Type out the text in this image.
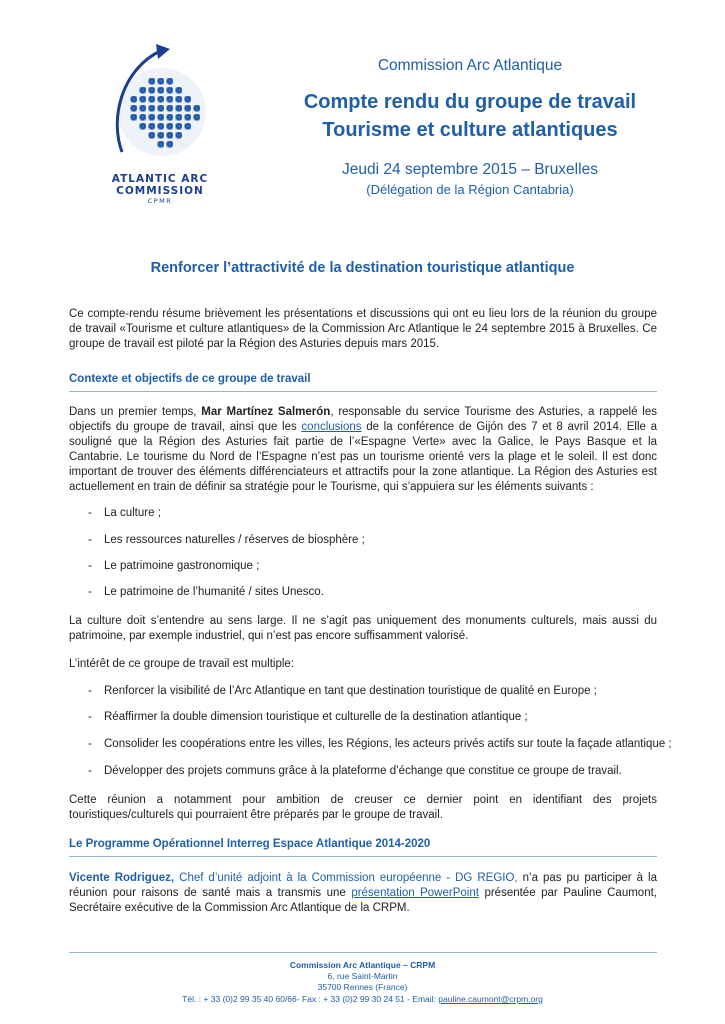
ATLANTIC ARC
COMMISSION
CPMR
Commission Arc Atlantique
Compte rendu du groupe de travail
Tourisme et culture atlantiques
Jeudi 24 septembre 2015 – Bruxelles
(Délégation de la Région Cantabria)
Renforcer l’attractivité de la destination touristique atlantique

Ce compte-rendu résume brièvement les présentations et discussions qui ont eu lieu lors de la réunion du groupe de travail «Tourisme et culture atlantiques» de la Commission Arc Atlantique le 24 septembre 2015 à Bruxelles. Ce groupe de travail est piloté par la Région des Asturies depuis mars 2015.

Contexte et objectifs de ce groupe de travail

Dans un premier temps, Mar Martínez Salmerón, responsable du service Tourisme des Asturies, a rappelé les objectifs du groupe de travail, ainsi que les conclusions de la conférence de Gijón des 7 et 8 avril 2014. Elle a souligné que la Région des Asturies fait partie de l’«Espagne Verte» avec la Galice, le Pays Basque et la Cantabrie. Le tourisme du Nord de l’Espagne n’est pas un tourisme orienté vers la plage et le soleil. Il est donc important de trouver des éléments différenciateurs et attractifs pour la zone atlantique. La Région des Asturies est actuellement en train de définir sa stratégie pour le Tourisme, qui s’appuiera sur les éléments suivants :

- La culture ;
- Les ressources naturelles / réserves de biosphère ;
- Le patrimoine gastronomique ;
- Le patrimoine de l’humanité / sites Unesco.

La culture doit s’entendre au sens large. Il ne s’agit pas uniquement des monuments culturels, mais aussi du patrimoine, par exemple industriel, qui n’est pas encore suffisamment valorisé.

L’intérêt de ce groupe de travail est multiple:

- Renforcer la visibilité de l’Arc Atlantique en tant que destination touristique de qualité en Europe ;
- Réaffirmer la double dimension touristique et culturelle de la destination atlantique ;
- Consolider les coopérations entre les villes, les Régions, les acteurs privés actifs sur toute la façade atlantique ;
- Développer des projets communs grâce à la plateforme d’échange que constitue ce groupe de travail.

Cette réunion a notamment pour ambition de creuser ce dernier point en identifiant des projets touristiques/culturels qui pourraient être préparés par le groupe de travail.

Le Programme Opérationnel Interreg Espace Atlantique 2014-2020

Vicente Rodriguez, Chef d’unité adjoint à la Commission européenne - DG REGIO, n’a pas pu participer à la réunion pour raisons de santé mais a transmis une présentation PowerPoint présentée par Pauline Caumont, Secrétaire exécutive de la Commission Arc Atlantique de la CRPM.

Commission Arc Atlantique – CRPM
6, rue Saint-Martin
35700 Rennes (France)
Tél. : + 33 (0)2 99 35 40 60/66- Fax : + 33 (0)2 99 30 24 51 - Email: pauline.caumont@crpm.org
